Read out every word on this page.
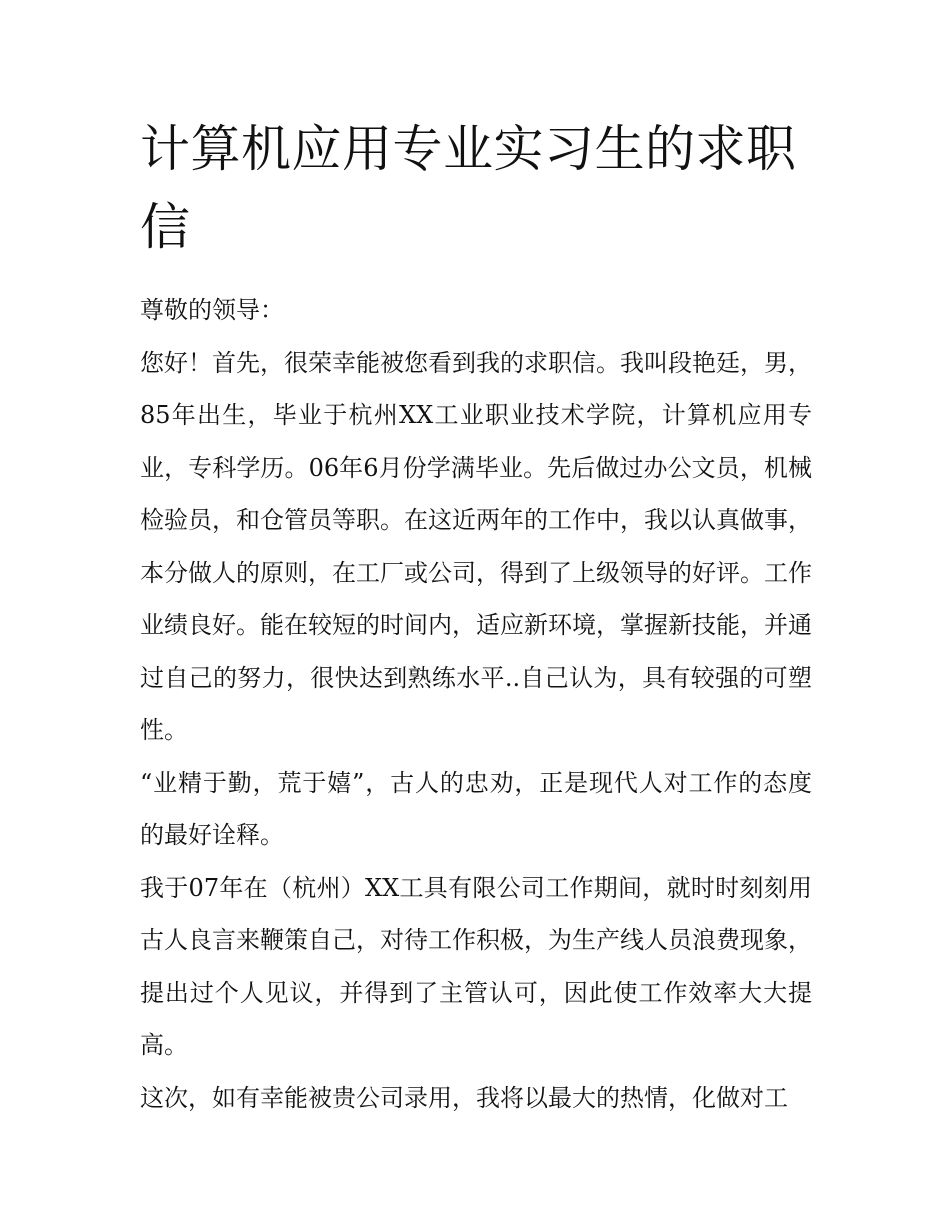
计算机应用专业实习生的求职信

尊敬的领导：

您好！首先，很荣幸能被您看到我的求职信。我叫段艳廷，男，85年出生，毕业于杭州XX工业职业技术学院，计算机应用专业，专科学历。06年6月份学满毕业。先后做过办公文员，机械检验员，和仓管员等职。在这近两年的工作中，我以认真做事，本分做人的原则，在工厂或公司，得到了上级领导的好评。工作业绩良好。能在较短的时间内，适应新环境，掌握新技能，并通过自己的努力，很快达到熟练水平..自己认为，具有较强的可塑性。

“业精于勤，荒于嬉”，古人的忠劝，正是现代人对工作的态度的最好诠释。

我于07年在（杭州）XX工具有限公司工作期间，就时时刻刻用古人良言来鞭策自己，对待工作积极，为生产线人员浪费现象，提出过个人见议，并得到了主管认可，因此使工作效率大大提高。

这次，如有幸能被贵公司录用，我将以最大的热情，化做对工
